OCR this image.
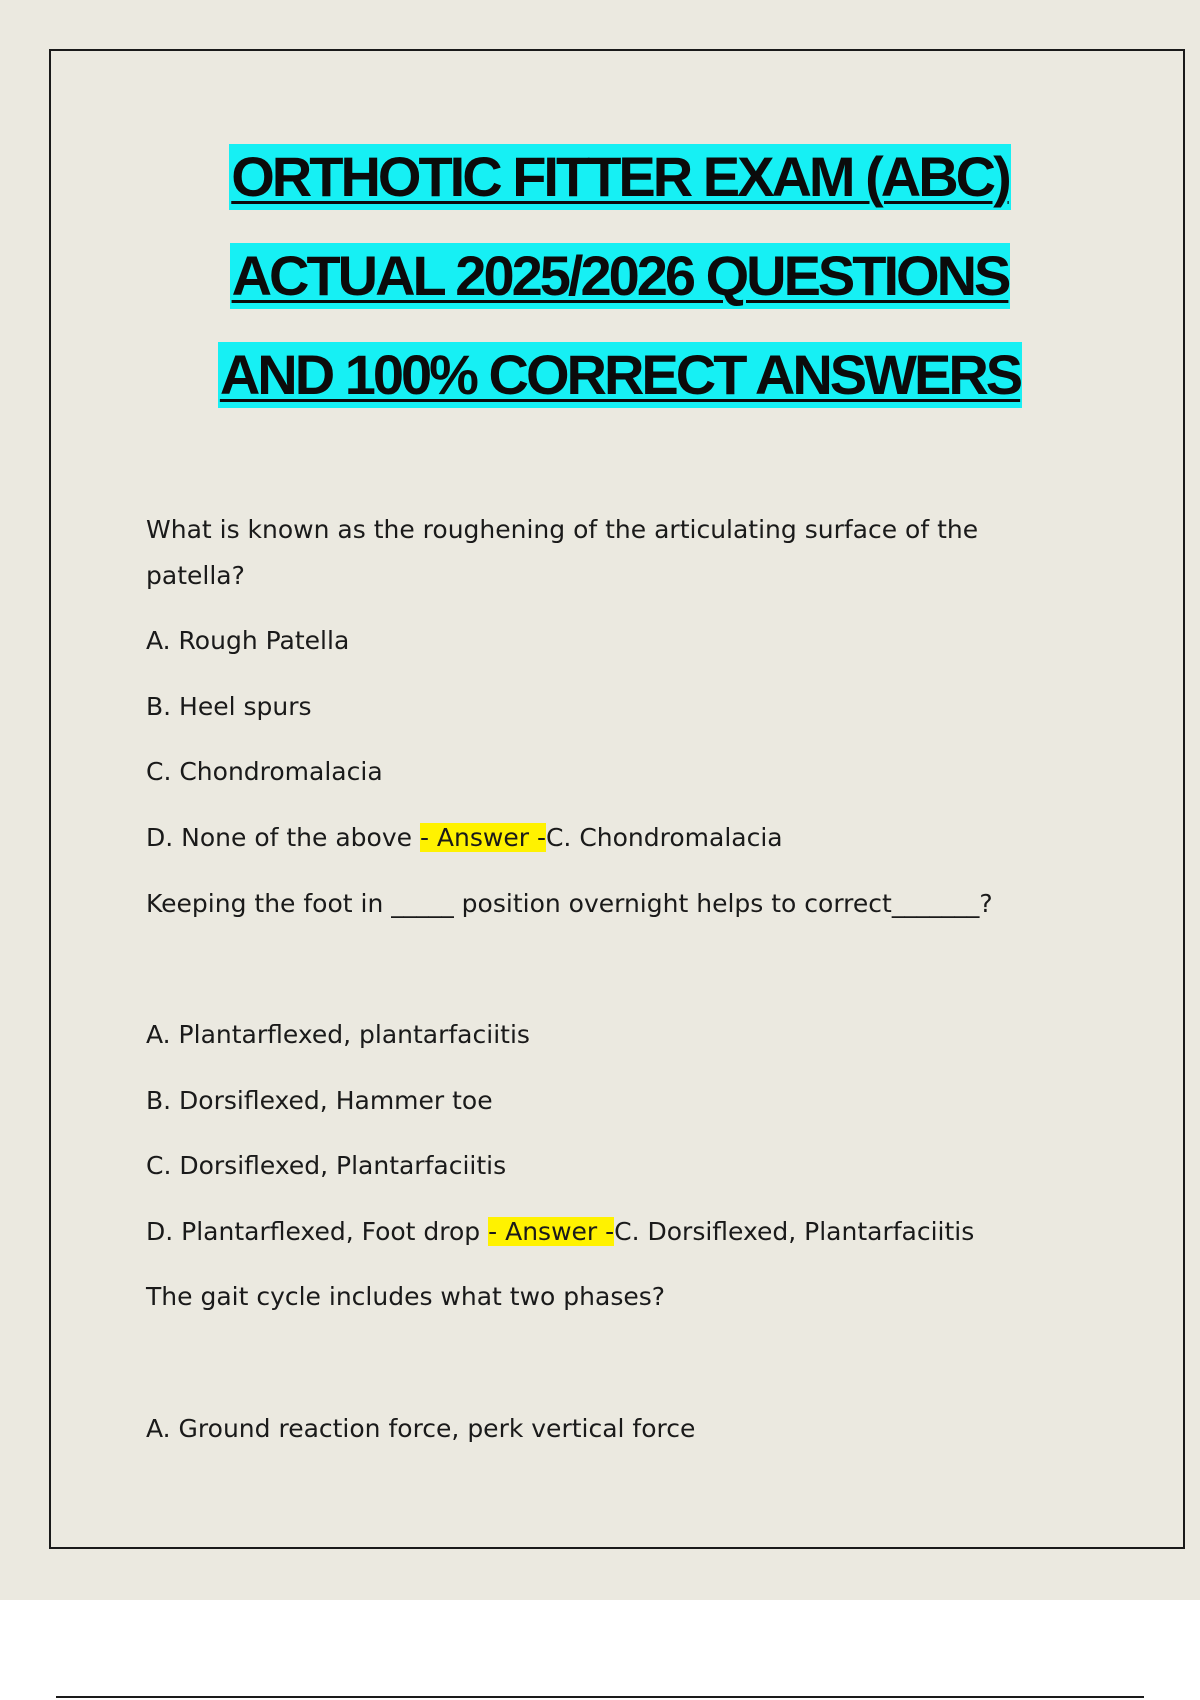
ORTHOTIC FITTER EXAM (ABC)
ACTUAL 2025/2026 QUESTIONS
AND 100% CORRECT ANSWERS
What is known as the roughening of the articulating surface of the
patella?
A. Rough Patella
B. Heel spurs
C. Chondromalacia
D. None of the above - Answer -C. Chondromalacia
Keeping the foot in _____ position overnight helps to correct_______?
A. Plantarflexed, plantarfaciitis
B. Dorsiflexed, Hammer toe
C. Dorsiflexed, Plantarfaciitis
D. Plantarflexed, Foot drop - Answer -C. Dorsiflexed, Plantarfaciitis
The gait cycle includes what two phases?
A. Ground reaction force, perk vertical force
